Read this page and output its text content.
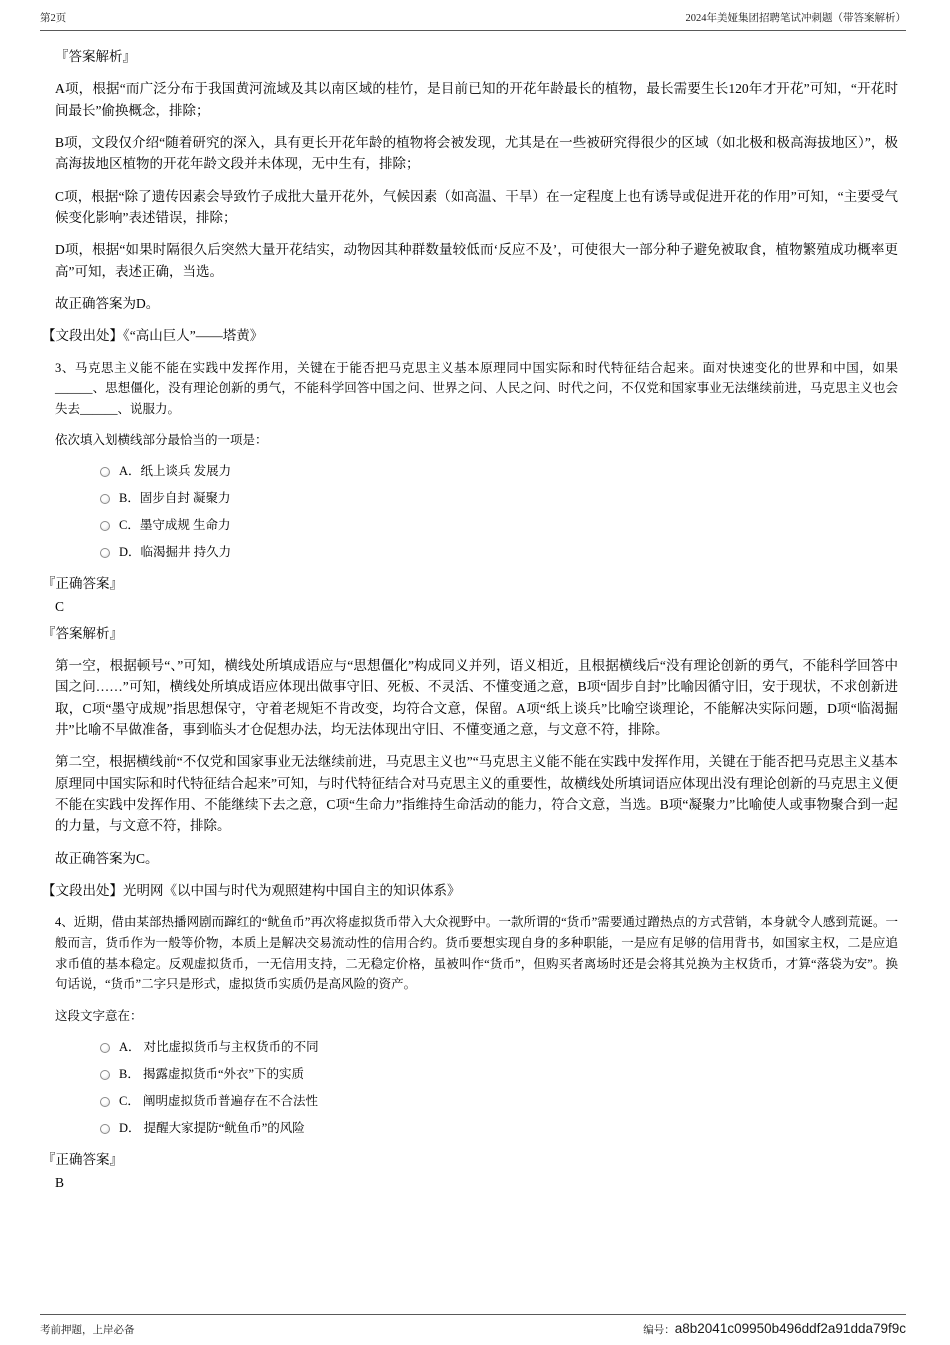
第2页	2024年美娅集团招聘笔试冲刺题（带答案解析）
『答案解析』

A项，根据“而广泛分布于我国黄河流域及其以南区域的桂竹，是目前已知的开花年龄最长的植物，最长需要生长120年才开花”可知，“开花时间最长”偷换概念，排除；

B项，文段仅介绍“随着研究的深入，具有更长开花年龄的植物将会被发现，尤其是在一些被研究得很少的区域（如北极和极高海拔地区）”，极高海拔地区植物的开花年龄文段并未体现，无中生有，排除；

C项，根据“除了遗传因素会导致竹子成批大量开花外，气候因素（如高温、干旱）在一定程度上也有诱导或促进开花的作用”可知，“主要受气候变化影响”表述错误，排除；

D项，根据“如果时隔很久后突然大量开花结实，动物因其种群数量较低而‘反应不及’，可使很大一部分种子避免被取食，植物繁殖成功概率更高”可知，表述正确，当选。

故正确答案为D。

【文段出处】《“高山巨人”——塔黄》

3、马克思主义能不能在实践中发挥作用，关键在于能否把马克思主义基本原理同中国实际和时代特征结合起来。面对快速变化的世界和中国，如果______、思想僵化，没有理论创新的勇气，不能科学回答中国之问、世界之问、人民之问、时代之问，不仅党和国家事业无法继续前进，马克思主义也会失去______、说服力。

依次填入划横线部分最恰当的一项是：

A．纸上谈兵 发展力
B．固步自封 凝聚力
C．墨守成规 生命力
D．临渴掘井 持久力
『正确答案』
C
『答案解析』

第一空，根据顿号“、”可知，横线处所填成语应与“思想僵化”构成同义并列，语义相近，且根据横线后“没有理论创新的勇气，不能科学回答中国之问……”可知，横线处所填成语应体现出做事守旧、死板、不灵活、不懂变通之意，B项“固步自封”比喻因循守旧，安于现状，不求创新进取，C项“墨守成规”指思想保守，守着老规矩不肯改变，均符合文意，保留。A项“纸上谈兵”比喻空谈理论，不能解决实际问题，D项“临渴掘井”比喻不早做准备，事到临头才仓促想办法，均无法体现出守旧、不懂变通之意，与文意不符，排除。

第二空，根据横线前“不仅党和国家事业无法继续前进，马克思主义也”“马克思主义能不能在实践中发挥作用，关键在于能否把马克思主义基本原理同中国实际和时代特征结合起来”可知，与时代特征结合对马克思主义的重要性，故横线处所填词语应体现出没有理论创新的马克思主义便不能在实践中发挥作用、不能继续下去之意，C项“生命力”指维持生命活动的能力，符合文意，当选。B项“凝聚力”比喻使人或事物聚合到一起的力量，与文意不符，排除。

故正确答案为C。

【文段出处】光明网《以中国与时代为观照建构中国自主的知识体系》

4、近期，借由某部热播网剧而蹿红的“鱿鱼币”再次将虚拟货币带入大众视野中。一款所谓的“货币”需要通过蹭热点的方式营销，本身就令人感到荒诞。一般而言，货币作为一般等价物，本质上是解决交易流动性的信用合约。货币要想实现自身的多种职能，一是应有足够的信用背书，如国家主权，二是应追求币值的基本稳定。反观虚拟货币，一无信用支持，二无稳定价格，虽被叫作“货币”，但购买者离场时还是会将其兑换为主权货币，才算“落袋为安”。换句话说，“货币”二字只是形式，虚拟货币实质仍是高风险的资产。

这段文字意在：

A． 对比虚拟货币与主权货币的不同
B． 揭露虚拟货币“外衣”下的实质
C． 阐明虚拟货币普遍存在不合法性
D． 提醒大家提防“鱿鱼币”的风险
『正确答案』
B
考前押题，上岸必备	编号：a8b2041c09950b496ddf2a91dda79f9c
